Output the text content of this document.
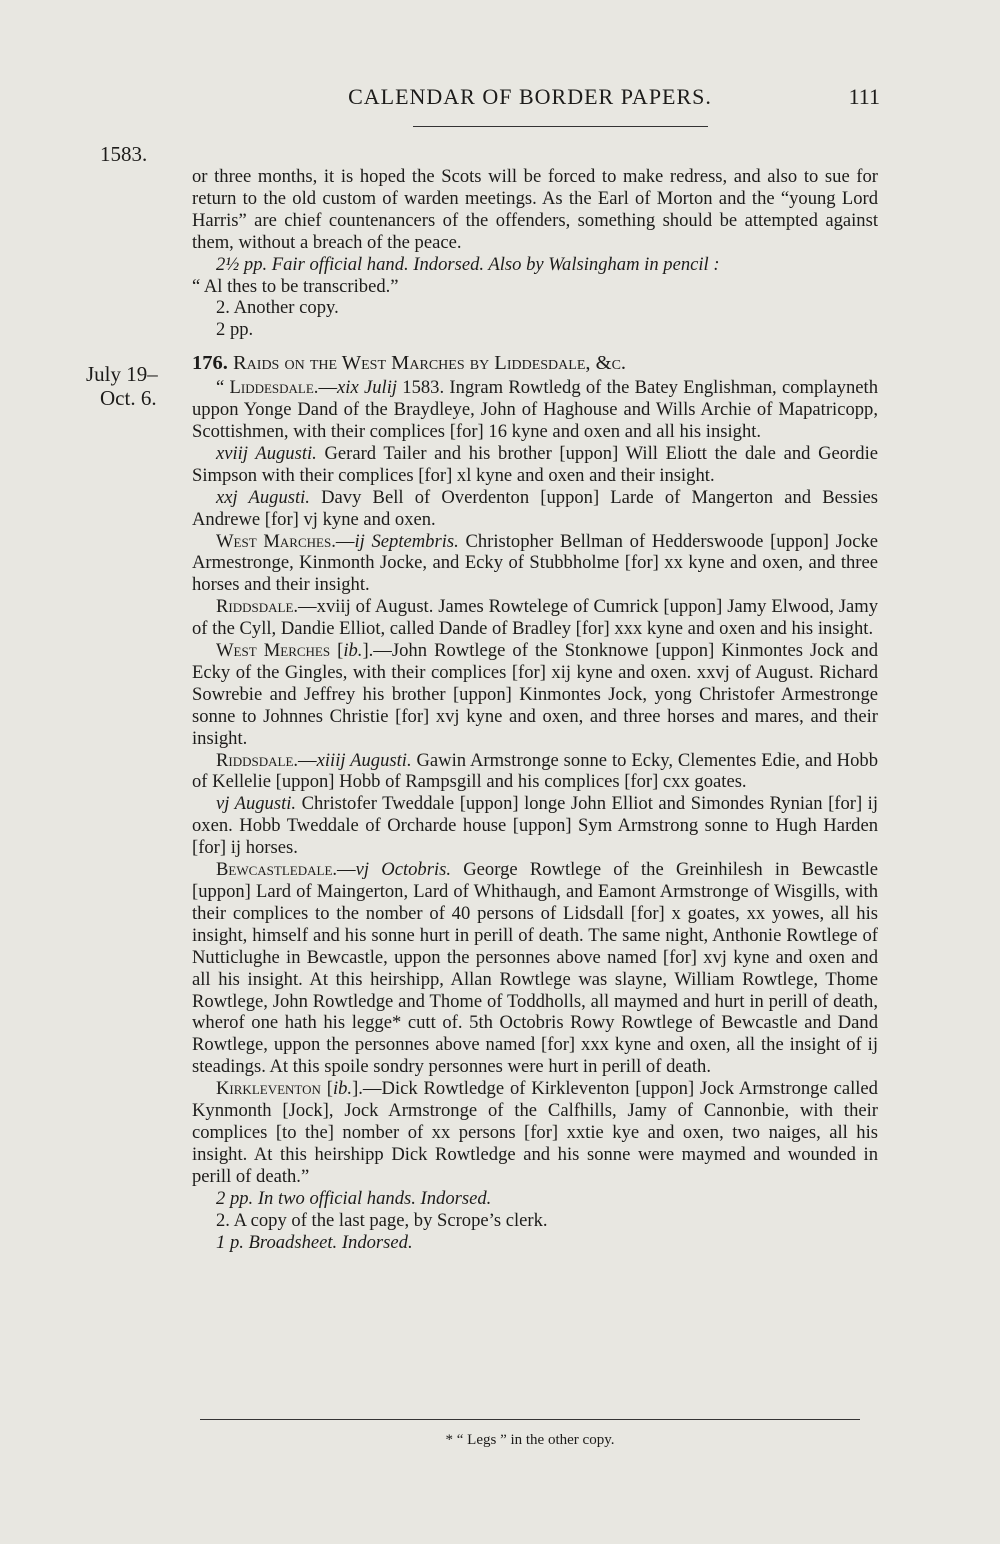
CALENDAR OF BORDER PAPERS.	111
1583.
July 19–
Oct. 6.

or three months, it is hoped the Scots will be forced to make redress, and also to sue for return to the old custom of warden meetings. As the Earl of Morton and the “young Lord Harris” are chief countenancers of the offenders, something should be attempted against them, without a breach of the peace.

2½ pp. Fair official hand. Indorsed. Also by Walsingham in pencil :

“ Al thes to be transcribed.”

2. Another copy.

2 pp.

176. Raids on the West Marches by Liddesdale, &c.

“ Liddesdale.—xix Julij 1583. Ingram Rowtledg of the Batey Englishman, complayneth uppon Yonge Dand of the Braydleye, John of Haghouse and Wills Archie of Mapatricopp, Scottishmen, with their complices [for] 16 kyne and oxen and all his insight.

xviij Augusti. Gerard Tailer and his brother [uppon] Will Eliott the dale and Geordie Simpson with their complices [for] xl kyne and oxen and their insight.

xxj Augusti. Davy Bell of Overdenton [uppon] Larde of Mangerton and Bessies Andrewe [for] vj kyne and oxen.

West Marches.—ij Septembris. Christopher Bellman of Hedderswoode [uppon] Jocke Armestronge, Kinmonth Jocke, and Ecky of Stubbholme [for] xx kyne and oxen, and three horses and their insight.

Riddsdale.—xviij of August. James Rowtelege of Cumrick [uppon] Jamy Elwood, Jamy of the Cyll, Dandie Elliot, called Dande of Bradley [for] xxx kyne and oxen and his insight.

West Merches [ib.].—John Rowtlege of the Stonknowe [uppon] Kinmontes Jock and Ecky of the Gingles, with their complices [for] xij kyne and oxen. xxvj of August. Richard Sowrebie and Jeffrey his brother [uppon] Kinmontes Jock, yong Christofer Armestronge sonne to Johnnes Christie [for] xvj kyne and oxen, and three horses and mares, and their insight.

Riddsdale.—xiiij Augusti. Gawin Armstronge sonne to Ecky, Clementes Edie, and Hobb of Kellelie [uppon] Hobb of Rampsgill and his complices [for] cxx goates.

vj Augusti. Christofer Tweddale [uppon] longe John Elliot and Simondes Rynian [for] ij oxen. Hobb Tweddale of Orcharde house [uppon] Sym Armstrong sonne to Hugh Harden [for] ij horses.

Bewcastledale.—vj Octobris. George Rowtlege of the Greinhilesh in Bewcastle [uppon] Lard of Maingerton, Lard of Whithaugh, and Eamont Armstronge of Wisgills, with their complices to the nomber of 40 persons of Lidsdall [for] x goates, xx yowes, all his insight, himself and his sonne hurt in perill of death. The same night, Anthonie Rowtlege of Nutticlughe in Bewcastle, uppon the personnes above named [for] xvj kyne and oxen and all his insight. At this heirshipp, Allan Rowtlege was slayne, William Rowtlege, Thome Rowtlege, John Rowtledge and Thome of Toddholls, all maymed and hurt in perill of death, wherof one hath his legge* cutt of. 5th Octobris Rowy Rowtlege of Bewcastle and Dand Rowtlege, uppon the personnes above named [for] xxx kyne and oxen, all the insight of ij steadings. At this spoile sondry personnes were hurt in perill of death.

Kirkleventon [ib.].—Dick Rowtledge of Kirkleventon [uppon] Jock Armstronge called Kynmonth [Jock], Jock Armstronge of the Calfhills, Jamy of Cannonbie, with their complices [to the] nomber of xx persons [for] xxtie kye and oxen, two naiges, all his insight. At this heirshipp Dick Rowtledge and his sonne were maymed and wounded in perill of death.”

2 pp. In two official hands. Indorsed.

2. A copy of the last page, by Scrope’s clerk.

1 p. Broadsheet. Indorsed.

* “ Legs ” in the other copy.
